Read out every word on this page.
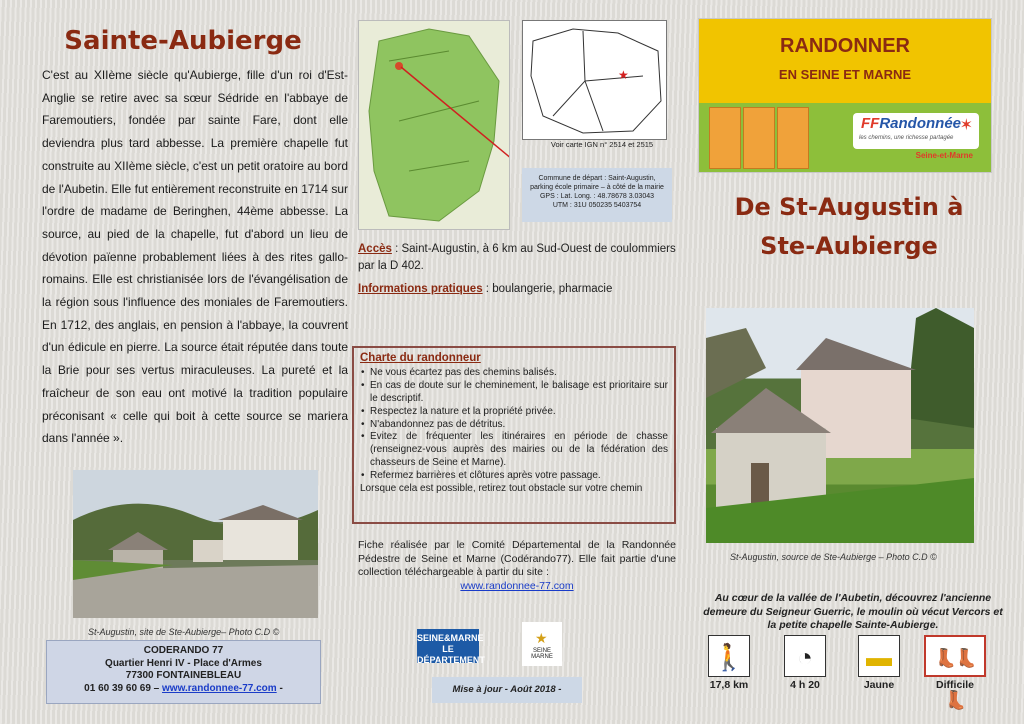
Sainte-Aubierge
C'est au XIIème siècle qu'Aubierge, fille d'un roi d'Est-Anglie se retire avec sa sœur Sédride en l'abbaye de Faremoutiers, fondée par sainte Fare, dont elle deviendra plus tard abbesse. La première chapelle fut construite au XIIème siècle, c'est un petit oratoire au bord de l'Aubetin. Elle fut entièrement reconstruite en 1714 sur l'ordre de madame de Beringhen, 44ème abbesse. La source, au pied de la chapelle, fut d'abord un lieu de dévotion païenne probablement liées à des rites gallo-romains. Elle est christianisée lors de l'évangélisation de la région sous l'influence des moniales de Faremoutiers. En 1712, des anglais, en pension à l'abbaye, la couvrent d'un édicule en pierre. La source était réputée dans toute la Brie pour ses vertus miraculeuses. La pureté et la fraîcheur de son eau ont motivé la tradition populaire préconisant « celle qui boit à cette source se mariera dans l'année ».
St-Augustin, site de Ste-Aubierge– Photo C.D ©
CODERANDO 77
Quartier Henri IV - Place d'Armes
77300 FONTAINEBLEAU
01 60 39 60 69 – www.randonnee-77.com -
★
Voir carte IGN n° 2514 et 2515
Commune de départ : Saint-Augustin,
parking école primaire – à côté de la mairie
GPS : Lat. Long. : 48.78678 3.03043
UTM : 31U 050235 5403754
Accès : Saint-Augustin, à 6 km au Sud-Ouest de coulommiers par la D 402.
Informations pratiques : boulangerie, pharmacie
Charte du randonneur
• Ne vous écartez pas des chemins balisés.
• En cas de doute sur le cheminement, le balisage est prioritaire sur le descriptif.
• Respectez la nature et la propriété privée.
• N'abandonnez pas de détritus.
• Evitez de fréquenter les itinéraires en période de chasse (renseignez-vous auprès des mairies ou de la fédération des chasseurs de Seine et Marne).
• Refermez barrières et clôtures après votre passage.
Lorsque cela est possible, retirez tout obstacle sur votre chemin
Fiche réalisée par le Comité Départemental de la Randonnée Pédestre de Seine et Marne (Codérando77). Elle fait partie d'une collection téléchargeable à partir du site :
www.randonnee-77.com
SEINE&MARNE LE DÉPARTEMENT
★
SEINE MARNE
Mise à jour - Août 2018 -
RANDONNER
EN SEINE ET MARNE
FFRandonnée
✶
les chemins, une richesse partagée
Seine-et-Marne
De St-Augustin à
Ste-Aubierge
St-Augustin, source de Ste-Aubierge – Photo C.D ©
Au cœur de la vallée de l'Aubetin, découvrez l'ancienne demeure du Seigneur Guerric, le moulin où vécut Vercors et la petite chapelle Sainte-Aubierge.
🚶
17,8 km
◔
4 h 20
▬
Jaune
👢👢👢
Difficile
